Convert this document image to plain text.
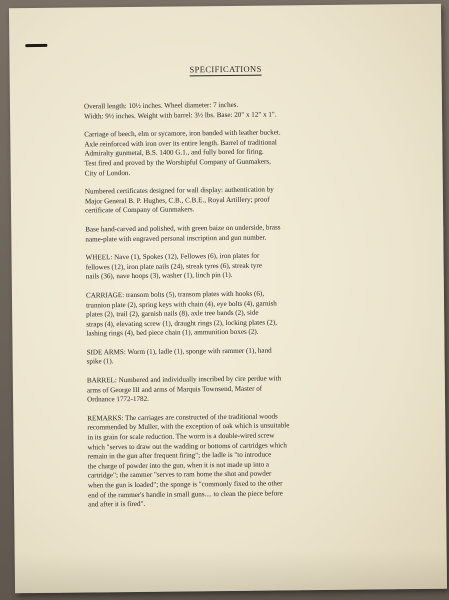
SPECIFICATIONS

Overall length: 10½ inches. Wheel diameter: 7 inches.
Width: 9½ inches. Weight with barrel: 3½ lbs. Base: 20" x 12" x 1".

Carriage of beech, elm or sycamore, iron banded with leather bucket.
Axle reinforced with iron over its entire length. Barrel of traditional
Admiralty gunmetal, B.S. 1400 G.1., and fully bored for firing.
Test fired and proved by the Worshipful Company of Gunmakers,
City of London.

Numbered certificates designed for wall display: authentication by
Major General B. P. Hughes, C.B., C.B.E., Royal Artillery; proof
certificate of Company of Gunmakers.

Base hand-carved and polished, with green baize on underside, brass
name-plate with engraved personal inscription and gun number.

WHEEL: Nave (1), Spokes (12), Fellowes (6), iron plates for
fellowes (12), iron plate nails (24), streak tyres (6), streak tyre
nails (36), nave hoops (3), washer (1), linch pin (1).

CARRIAGE: transom bolts (5), transom plates with hooks (6),
trunnion plate (2), spring keys with chain (4), eye bolts (4), garnish
plates (2), trail (2), garnish nails (8), axle tree bands (2), side
straps (4), elevating screw (1), draught rings (2), locking plates (2),
lashing rings (4), bed piece chain (1), ammunition boxes (2).

SIDE ARMS: Worm (1), ladle (1), sponge with rammer (1), hand
spike (1).

BARREL: Numbered and individually inscribed by cire perdue with
arms of George III and arms of Marquis Townsend, Master of
Ordnance 1772-1782.

REMARKS: The carriages are constructed of the traditional woods
recommended by Muller, with the exception of oak which is unsuitable
in its grain for scale reduction. The worm is a double-wired screw
which "serves to draw out the wadding or bottoms of cartridges which
remain in the gun after frequent firing"; the ladle is "to introduce
the charge of powder into the gun, when it is not made up into a
cartridge"; the rammer "serves to ram home the shot and powder
when the gun is loaded"; the sponge is "commonly fixed to the other
end of the rammer's handle in small guns.... to clean the piece before
and after it is fired".
